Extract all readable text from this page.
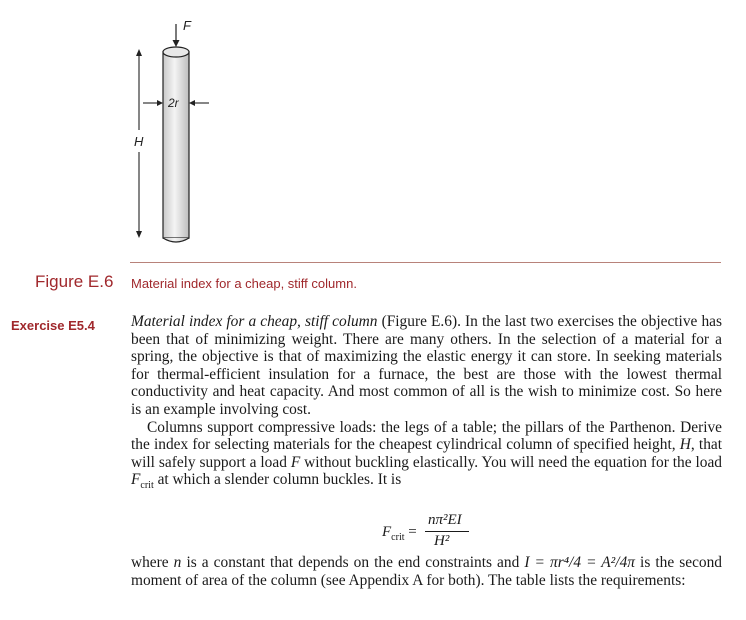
F
2r
H
Figure E.6 Material index for a cheap, stiff column.
Exercise E5.4 Material index for a cheap, stiff column (Figure E.6). In the last two exercises the objective has been that of minimizing weight. There are many others. In the selection of a material for a spring, the objective is that of maximizing the elastic energy it can store. In seeking materials for thermal-efficient insulation for a furnace, the best are those with the lowest thermal conductivity and heat capacity. And most common of all is the wish to minimize cost. So here is an example involving cost.

Columns support compressive loads: the legs of a table; the pillars of the Parthenon. Derive the index for selecting materials for the cheapest cylindrical column of specified height, H, that will safely support a load F without buckling elastically. You will need the equation for the load $F_{crit}$ at which a slender column buckles. It is

$F_{crit}$ =
nπ²EI
H²

where n is a constant that depends on the end constraints and I = πr⁴/4 = A²/4π is the second moment of area of the column (see Appendix A for both). The table lists the requirements:
